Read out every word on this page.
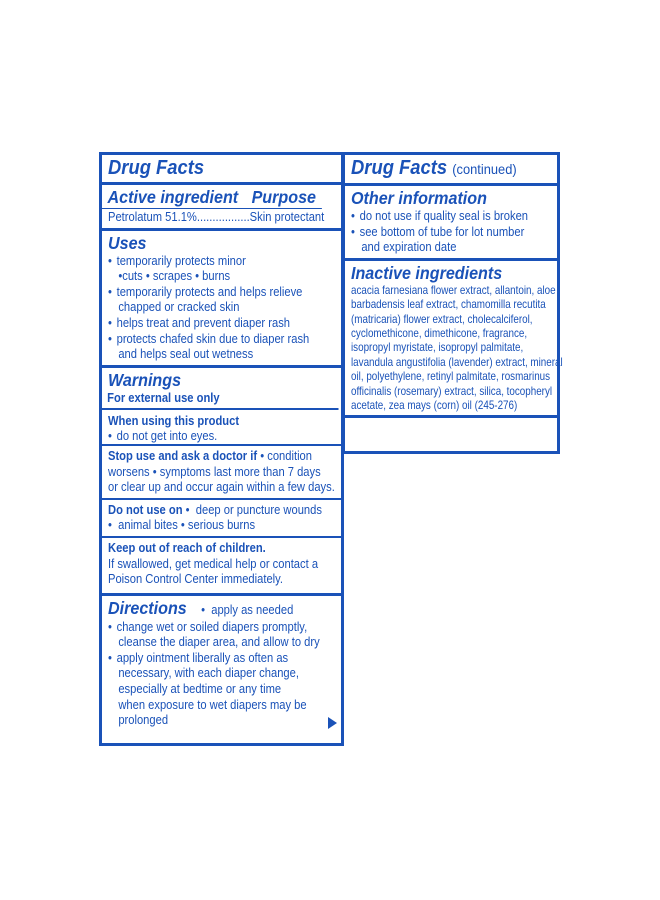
Drug Facts
Active ingredient Purpose
Petrolatum 51.1%.................Skin protectant
Uses
• temporarily protects minor
•cuts • scrapes • burns
• temporarily protects and helps relieve
chapped or cracked skin
• helps treat and prevent diaper rash
• protects chafed skin due to diaper rash
and helps seal out wetness
Warnings
For external use only
When using this product
• do not get into eyes.
Stop use and ask a doctor if • condition
worsens • symptoms last more than 7 days
or clear up and occur again within a few days.
Do not use on •  deep or puncture wounds
•  animal bites • serious burns
Keep out of reach of children.
If swallowed, get medical help or contact a
Poison Control Center immediately.
Directions  •  apply as needed
• change wet or soiled diapers promptly,
cleanse the diaper area, and allow to dry
• apply ointment liberally as often as
necessary, with each diaper change,
especially at bedtime or any time
when exposure to wet diapers may be
prolonged
Drug Facts (continued)
Other information
• do not use if quality seal is broken
• see bottom of tube for lot number
and expiration date
Inactive ingredients
acacia farnesiana flower extract, allantoin, aloe
barbadensis leaf extract, chamomilla recutita
(matricaria) flower extract, cholecalciferol,
cyclomethicone, dimethicone, fragrance,
isopropyl myristate, isopropyl palmitate,
lavandula angustifolia (lavender) extract, mineral
oil, polyethylene, retinyl palmitate, rosmarinus
officinalis (rosemary) extract, silica, tocopheryl
acetate, zea mays (corn) oil (245-276)
